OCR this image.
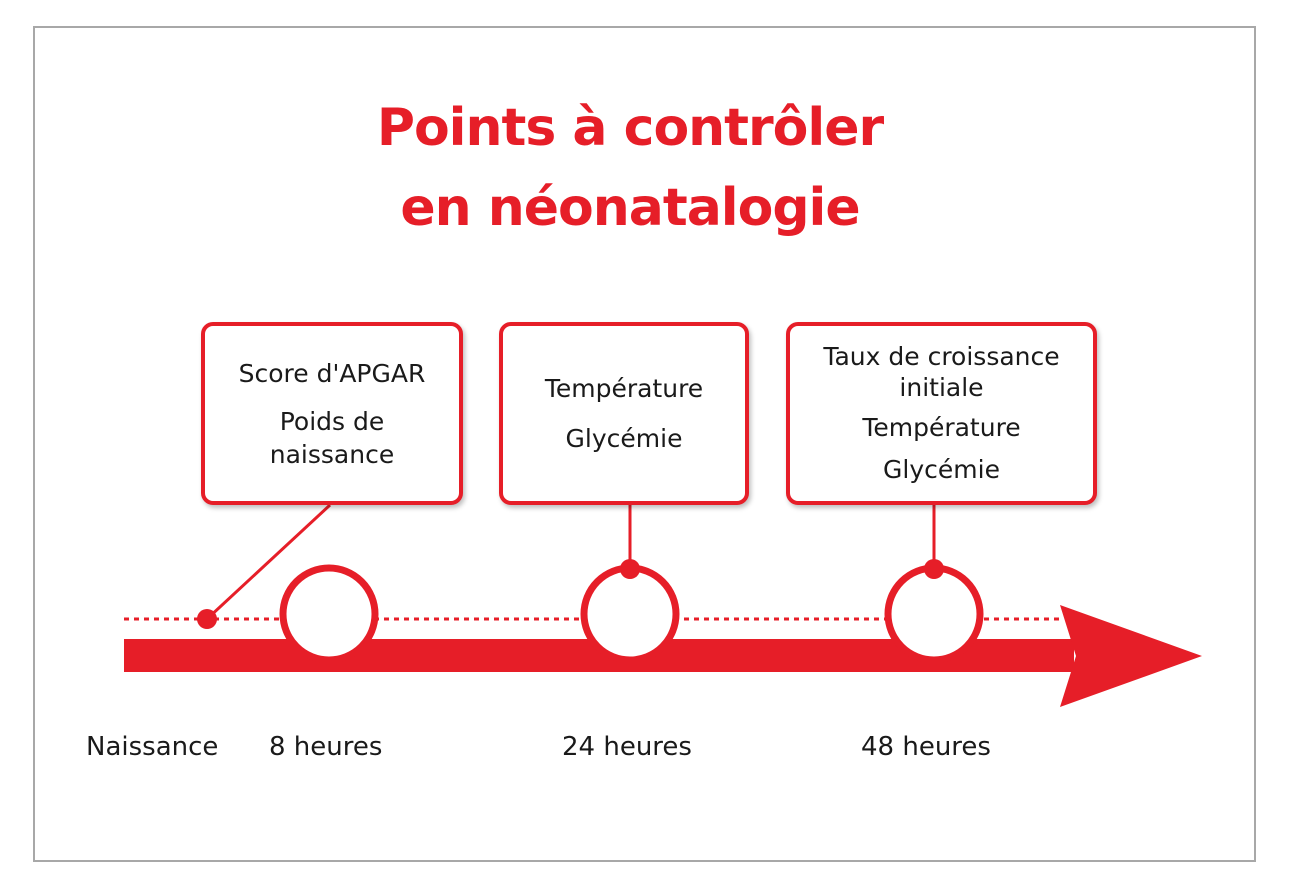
Points à contrôler
en néonatalogie
Score d'APGAR
Poids de naissance
Température
Glycémie
Taux de croissance initiale
Température
Glycémie
Naissance 8 heures	24 heures	48 heures
